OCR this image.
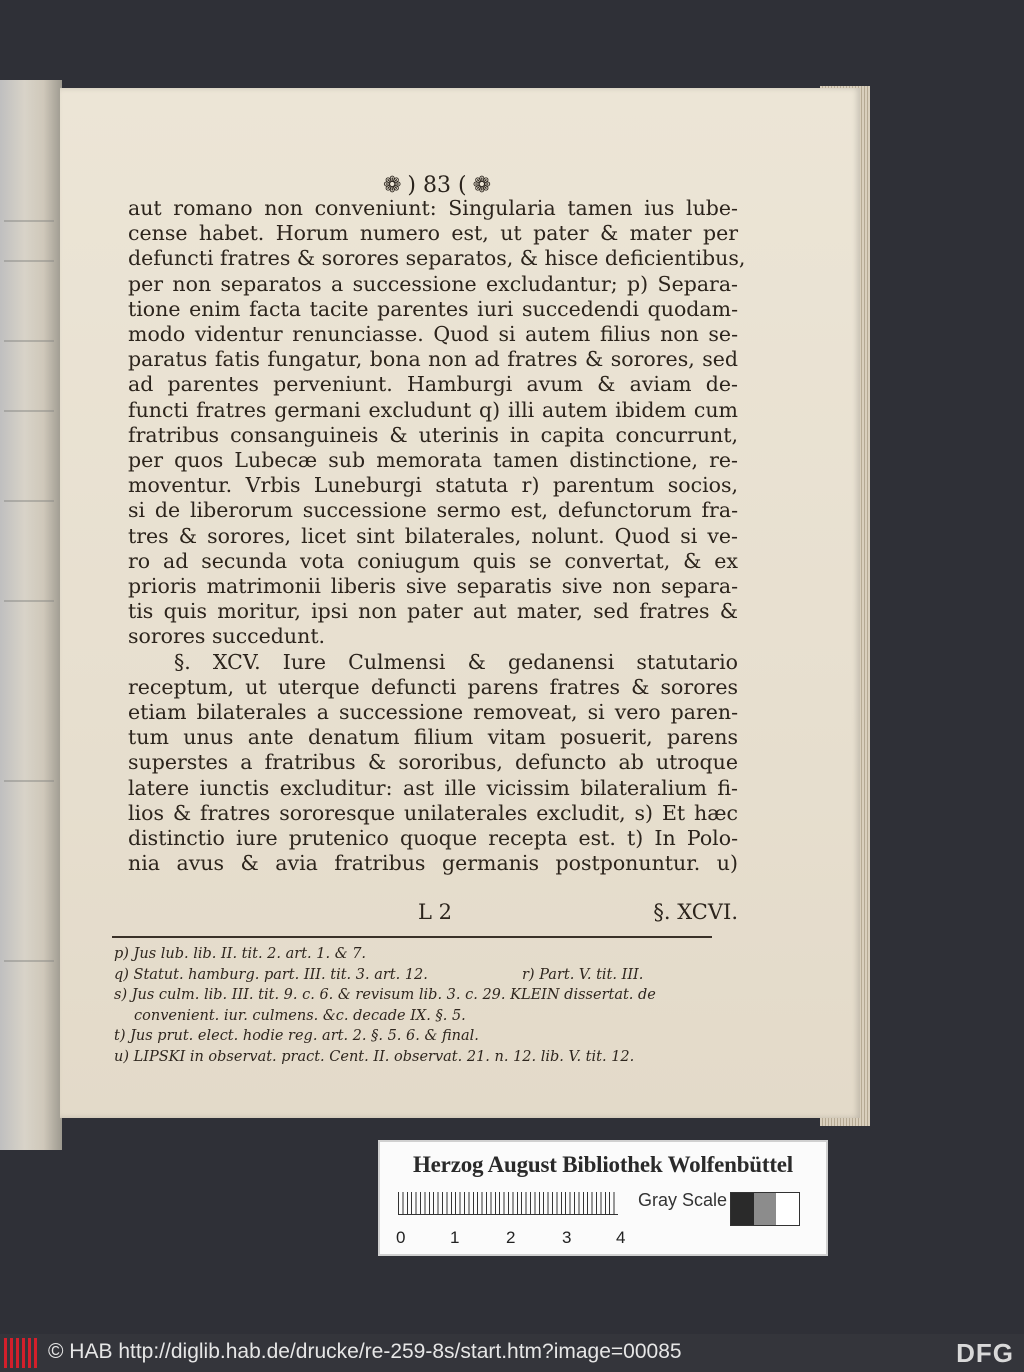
❁ ) 83 ( ❁
aut romano non conveniunt: Singularia tamen ius lube-
cense habet. Horum numero est, ut pater & mater per
defuncti fratres & sorores separatos, & hisce deficientibus,
per non separatos a successione excludantur; p) Separa-
tione enim facta tacite parentes iuri succedendi quodam-
modo videntur renunciasse. Quod si autem filius non se-
paratus fatis fungatur, bona non ad fratres & sorores, sed
ad parentes perveniunt. Hamburgi avum & aviam de-
functi fratres germani excludunt q) illi autem ibidem cum
fratribus consanguineis & uterinis in capita concurrunt,
per quos Lubecæ sub memorata tamen distinctione, re-
moventur. Vrbis Luneburgi statuta r) parentum socios,
si de liberorum successione sermo est, defunctorum fra-
tres & sorores, licet sint bilaterales, nolunt. Quod si ve-
ro ad secunda vota coniugum quis se convertat, & ex
prioris matrimonii liberis sive separatis sive non separa-
tis quis moritur, ipsi non pater aut mater, sed fratres &
sorores succedunt.
§. XCV. Iure Culmensi & gedanensi statutario
receptum, ut uterque defuncti parens fratres & sorores
etiam bilaterales a successione removeat, si vero paren-
tum unus ante denatum filium vitam posuerit, parens
superstes a fratribus & sororibus, defuncto ab utroque
latere iunctis excluditur: ast ille vicissim bilateralium fi-
lios & fratres sororesque unilaterales excludit, s) Et hæc
distinctio iure prutenico quoque recepta est. t) In Polo-
nia avus & avia fratribus germanis postponuntur. u)
L 2	§. XCVI.
p) Jus lub. lib. II. tit. 2. art. 1. & 7.
q) Statut. hamburg. part. III. tit. 3. art. 12.	r) Part. V. tit. III.
s) Jus culm. lib. III. tit. 9. c. 6. & revisum lib. 3. c. 29. KLEIN dissertat. de
convenient. iur. culmens. &c. decade IX. §. 5.
t) Jus prut. elect. hodie reg. art. 2. §. 5. 6. & final.
u) LIPSKI in observat. pract. Cent. II. observat. 21. n. 12. lib. V. tit. 12.
Herzog August Bibliothek Wolfenbüttel
0	1	2	3	4
Gray Scale
© HAB http://diglib.hab.de/drucke/re-259-8s/start.htm?image=00085	DFG
